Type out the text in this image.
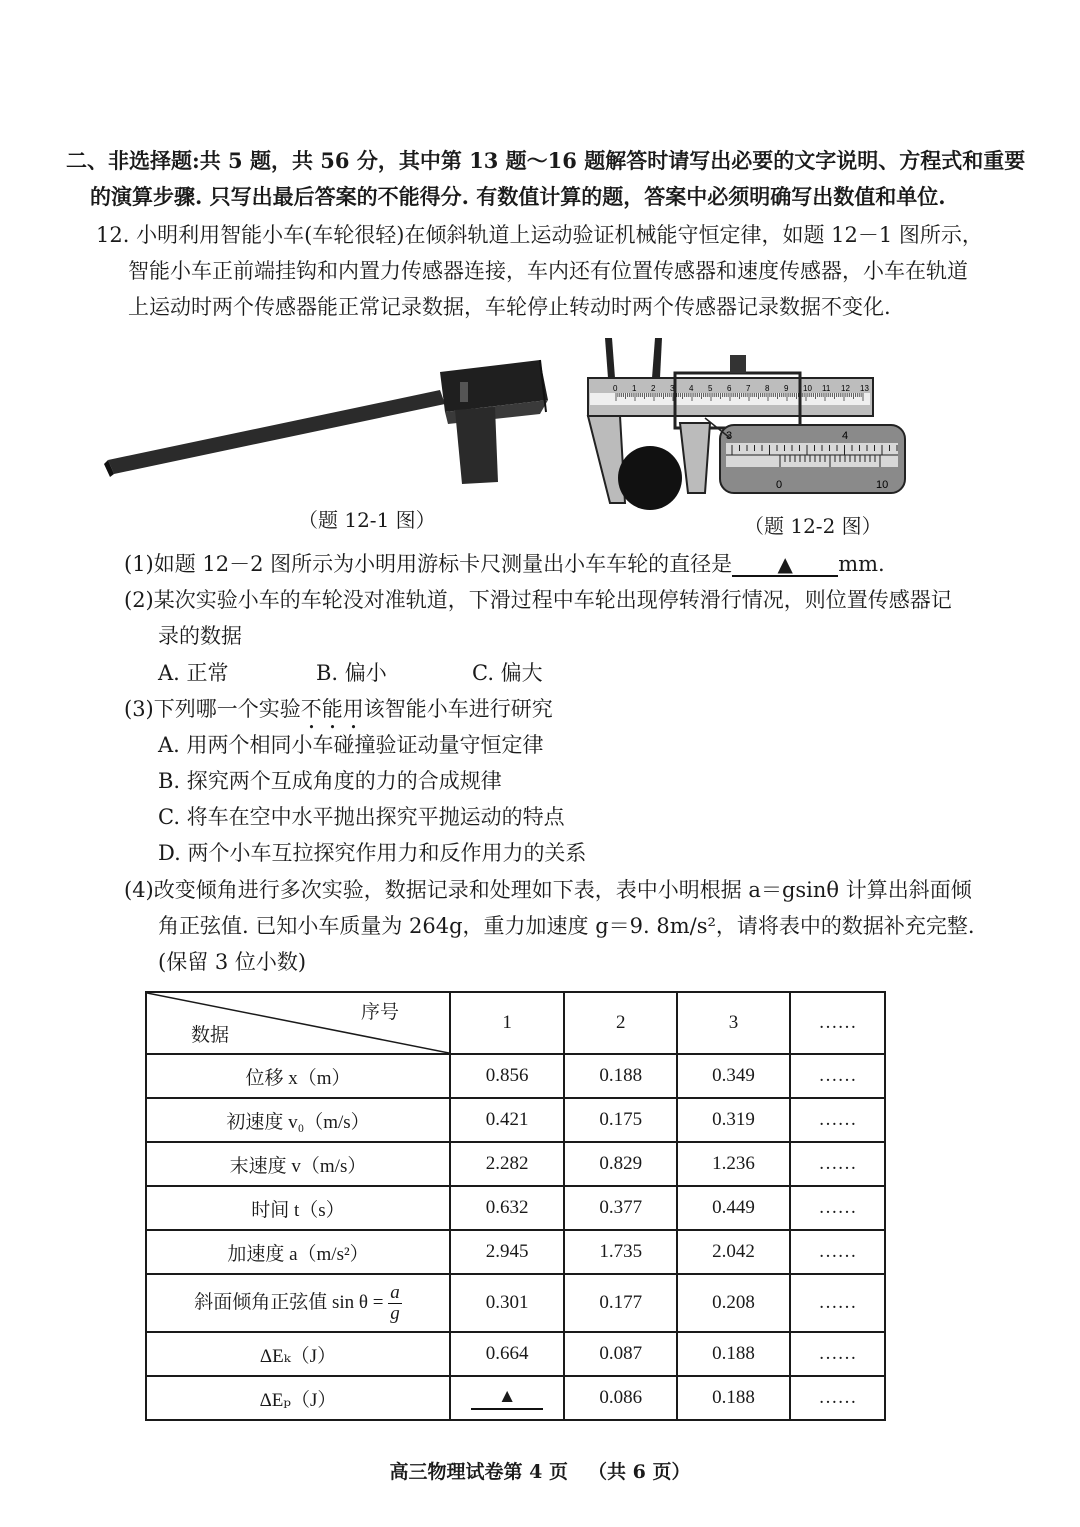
二、非选择题:共 5 题，共 56 分，其中第 13 题～16 题解答时请写出必要的文字说明、方程式和重要
的演算步骤. 只写出最后答案的不能得分. 有数值计算的题，答案中必须明确写出数值和单位.
12. 小明利用智能小车(车轮很轻)在倾斜轨道上运动验证机械能守恒定律，如题 12－1 图所示，
智能小车正前端挂钩和内置力传感器连接，车内还有位置传感器和速度传感器，小车在轨道
上运动时两个传感器能正常记录数据，车轮停止转动时两个传感器记录数据不变化.
0 1 2 3 4 5 6 7 8 9 10 11 12 13
3	4
0	10
（题 12-1 图）	（题 12-2 图）
(1)如题 12－2 图所示为小明用游标卡尺测量出小车车轮的直径是 ▲ mm.
(2)某次实验小车的车轮没对准轨道，下滑过程中车轮出现停转滑行情况，则位置传感器记
录的数据
A. 正常	B. 偏小	C. 偏大
(3)下列哪一个实验不能用该智能小车进行研究
A. 用两个相同小车碰撞验证动量守恒定律
B. 探究两个互成角度的力的合成规律
C. 将车在空中水平抛出探究平抛运动的特点
D. 两个小车互拉探究作用力和反作用力的关系
(4)改变倾角进行多次实验，数据记录和处理如下表，表中小明根据 a＝gsinθ 计算出斜面倾
角正弦值. 已知小车质量为 264g，重力加速度 g＝9. 8m/s²，请将表中的数据补充完整.
(保留 3 位小数)
序号
数据	1	2	3	……
位移 x（m）	0.856	0.188	0.349	……
初速度 v₀（m/s）	0.421	0.175	0.319	……
末速度 v（m/s）	2.282	0.829	1.236	……
时间 t（s）	0.632	0.377	0.449	……
加速度 a（m/s²）	2.945	1.735	2.042	……
斜面倾角正弦值 $\sin \theta = \frac{a}{g}$	0.301	0.177	0.208	……
ΔEₖ（J）	0.664	0.087	0.188	……
ΔEₚ（J）	▲	0.086	0.188	……
高三物理试卷第 4 页 （共 6 页）
